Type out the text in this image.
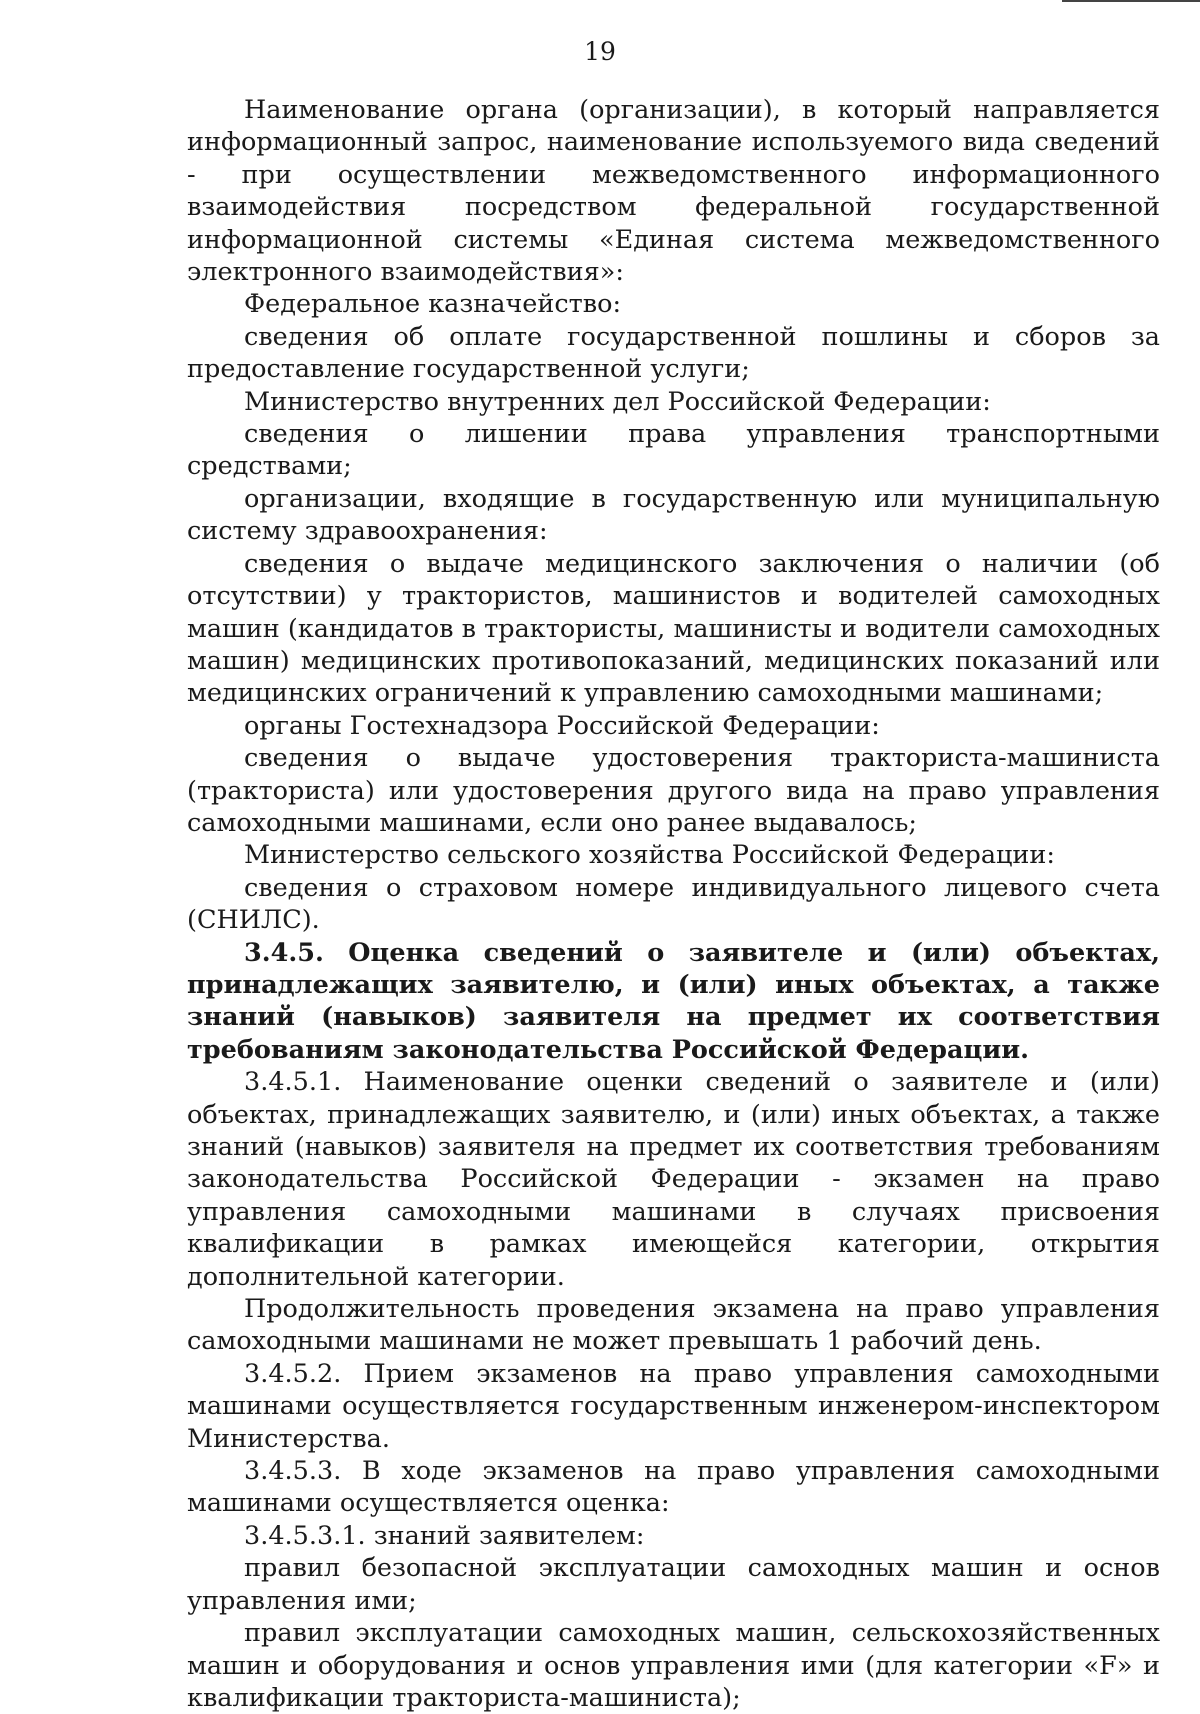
19

Наименование органа (организации), в который направляется информационный запрос, наименование используемого вида сведений - при осуществлении межведомственного информационного взаимодействия посредством федеральной государственной информационной системы «Единая система межведомственного электронного взаимодействия»:

Федеральное казначейство:

сведения об оплате государственной пошлины и сборов за предоставление государственной услуги;

Министерство внутренних дел Российской Федерации:

сведения о лишении права управления транспортными средствами;

организации, входящие в государственную или муниципальную систему здравоохранения:

сведения о выдаче медицинского заключения о наличии (об отсутствии) у трактористов, машинистов и водителей самоходных машин (кандидатов в трактористы, машинисты и водители самоходных машин) медицинских противопоказаний, медицинских показаний или медицинских ограничений к управлению самоходными машинами;

органы Гостехнадзора Российской Федерации:

сведения о выдаче удостоверения тракториста-машиниста (тракториста) или удостоверения другого вида на право управления самоходными машинами, если оно ранее выдавалось;

Министерство сельского хозяйства Российской Федерации:

сведения о страховом номере индивидуального лицевого счета (СНИЛС).

3.4.5. Оценка сведений о заявителе и (или) объектах, принадлежащих заявителю, и (или) иных объектах, а также знаний (навыков) заявителя на предмет их соответствия требованиям законодательства Российской Федерации.

3.4.5.1. Наименование оценки сведений о заявителе и (или) объектах, принадлежащих заявителю, и (или) иных объектах, а также знаний (навыков) заявителя на предмет их соответствия требованиям законодательства Российской Федерации - экзамен на право управления самоходными машинами в случаях присвоения квалификации в рамках имеющейся категории, открытия дополнительной категории.

Продолжительность проведения экзамена на право управления самоходными машинами не может превышать 1 рабочий день.

3.4.5.2. Прием экзаменов на право управления самоходными машинами осуществляется государственным инженером-инспектором Министерства.

3.4.5.3. В ходе экзаменов на право управления самоходными машинами осуществляется оценка:

3.4.5.3.1. знаний заявителем:

правил безопасной эксплуатации самоходных машин и основ управления ими;

правил эксплуатации самоходных машин, сельскохозяйственных машин и оборудования и основ управления ими (для категории «F» и квалификации тракториста-машиниста);
